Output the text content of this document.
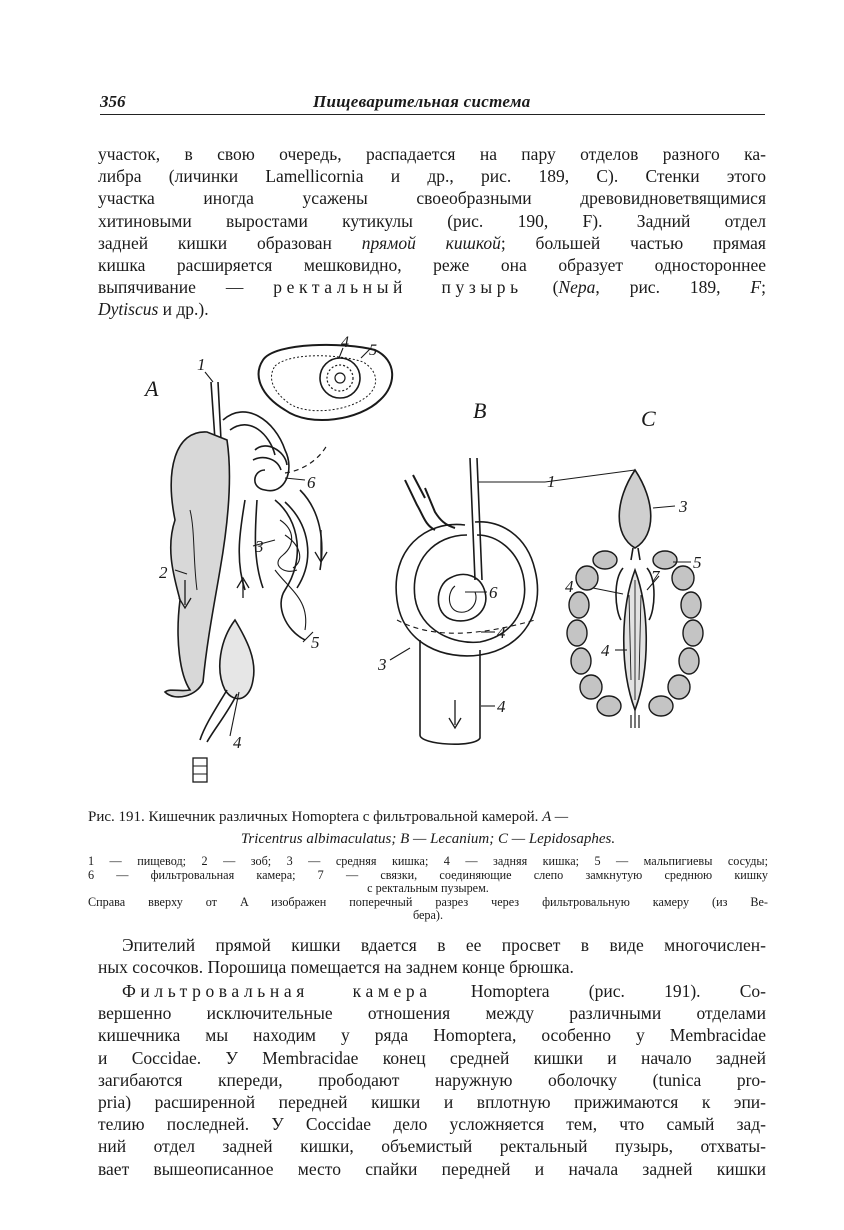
356	Пищеварительная система
участок, в свою очередь, распадается на пару отделов разного ка-
либра (личинки Lamellicornia и др., рис. 189, C). Стенки этого
участка иногда усажены своеобразными древовидноветвящимися
хитиновыми выростами кутикулы (рис. 190, F). Задний отдел
задней кишки образован прямой кишкой; большей частью прямая
кишка расширяется мешковидно, реже она образует одностороннее
выпячивание — ректальный пузырь (Nepa, рис. 189, F;
Dytiscus и др.).
A
B	C
1
2
3
4
5
6
4 5
1
3
6
4
4
3
5
4
7
4
Рис. 191. Кишечник различных Homoptera с фильтровальной камерой. A —
Tricentrus albimaculatus; B — Lecanium; C — Lepidosaphes.
1 — пищевод; 2 — зоб; 3 — средняя кишка; 4 — задняя кишка; 5 — мальпигиевы сосуды;
6 — фильтровальная камера; 7 — связки, соединяющие слепо замкнутую среднюю кишку
с ректальным пузырем.
Справа вверху от A изображен поперечный разрез через фильтровальную камеру (из Ве-
бера).
Эпителий прямой кишки вдается в ее просвет в виде многочислен-
ных сосочков. Порошица помещается на заднем конце брюшка.
Фильтровальная камера Homoptera (рис. 191). Со-
вершенно исключительные отношения между различными отделами
кишечника мы находим у ряда Homoptera, особенно у Membracidae
и Coccidae. У Membracidae конец средней кишки и начало задней
загибаются кпереди, прободают наружную оболочку (tunica pro-
pria) расширенной передней кишки и вплотную прижимаются к эпи-
телию последней. У Coccidae дело усложняется тем, что самый зад-
ний отдел задней кишки, объемистый ректальный пузырь, отхваты-
вает вышеописанное место спайки передней и начала задней кишки
